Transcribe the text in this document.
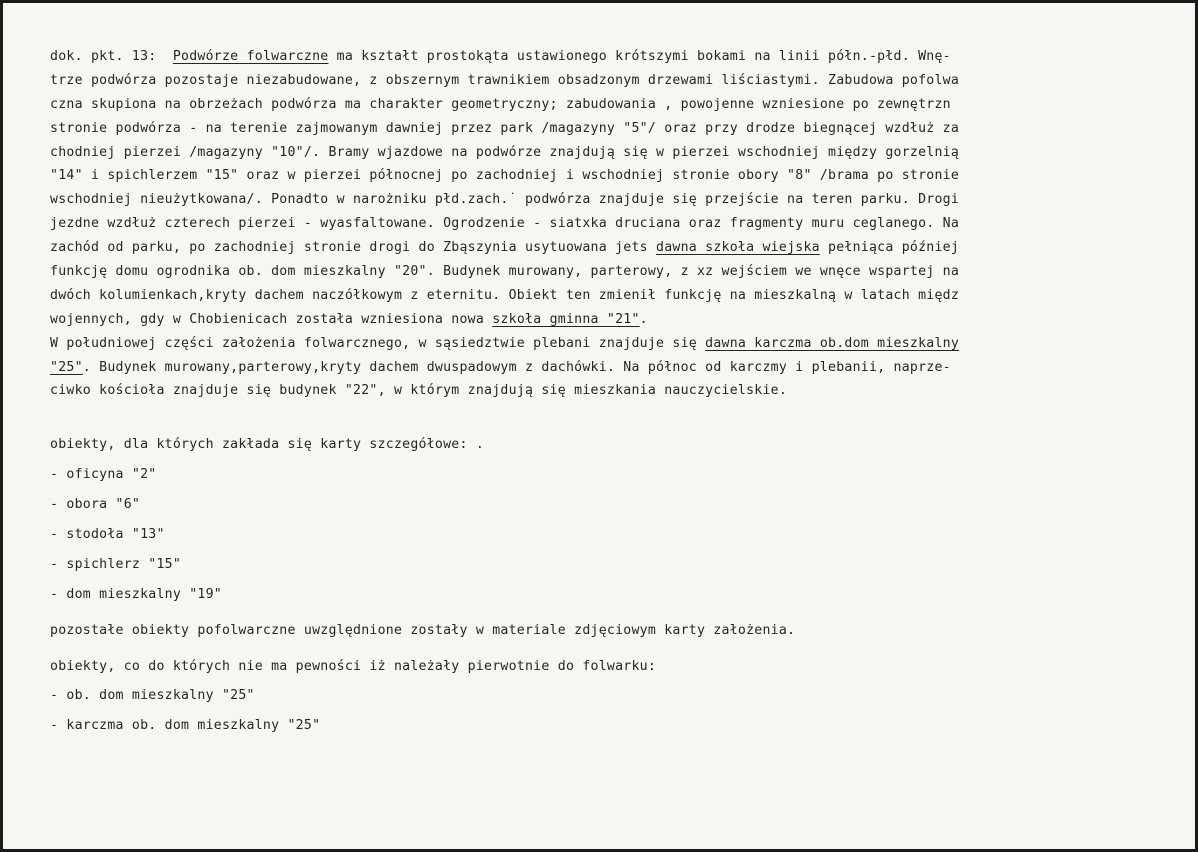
dok. pkt. 13: Podwórze folwarczne ma kształt prostokąta ustawionego krótszymi bokami na linii półn.-płd. Wnę-
trze podwórza pozostaje niezabudowane, z obszernym trawnikiem obsadzonym drzewami liściastymi. Zabudowa pofolwa
czna skupiona na obrzeżach podwórza ma charakter geometryczny; zabudowania ‚ powojenne wzniesione po zewnętrzn
stronie podwórza - na terenie zajmowanym dawniej przez park /magazyny "5"/ oraz przy drodze biegnącej wzdłuż za
chodniej pierzei /magazyny "10"/. Bramy wjazdowe na podwórze znajdują się w pierzei wschodniej między gorzelnią
"14" i spichlerzem "15" oraz w pierzei północnej po zachodniej i wschodniej stronie obory "8" /brama po stronie
wschodniej nieużytkowana/. Ponadto w narożniku płd.zach.˙ podwórza znajduje się przejście na teren parku. Drogi
jezdne wzdłuż czterech pierzei - wyasfaltowane. Ogrodzenie - siatxka druciana oraz fragmenty muru ceglanego. Na
zachód od parku, po zachodniej stronie drogi do Zbąszynia usytuowana jets dawna szkoła wiejska pełniąca później
funkcję domu ogrodnika ob. dom mieszkalny "20". Budynek murowany, parterowy, z xz wejściem we wnęce wspartej na
dwóch kolumienkach,kryty dachem naczółkowym z eternitu. Obiekt ten zmienił funkcję na mieszkalną w latach międz
wojennych, gdy w Chobienicach została wzniesiona nowa szkoła gminna "21".
W południowej części założenia folwarcznego, w sąsiedztwie plebani znajduje się dawna karczma ob.dom mieszkalny
"25". Budynek murowany,parterowy,kryty dachem dwuspadowym z dachówki. Na północ od karczmy i plebanii, naprze-
ciwko kościoła znajduje się budynek "22", w którym znajdują się mieszkania nauczycielskie.
obiekty, dla których zakłada się karty szczegółowe: .
- oficyna "2"
- obora "6"
- stodoła "13"
- spichlerz "15"
- dom mieszkalny "19"
pozostałe obiekty pofolwarczne uwzględnione zostały w materiale zdjęciowym karty założenia.
obiekty, co do których nie ma pewności iż należały pierwotnie do folwarku:
- ob. dom mieszkalny "25"
- karczma ob. dom mieszkalny "25"
